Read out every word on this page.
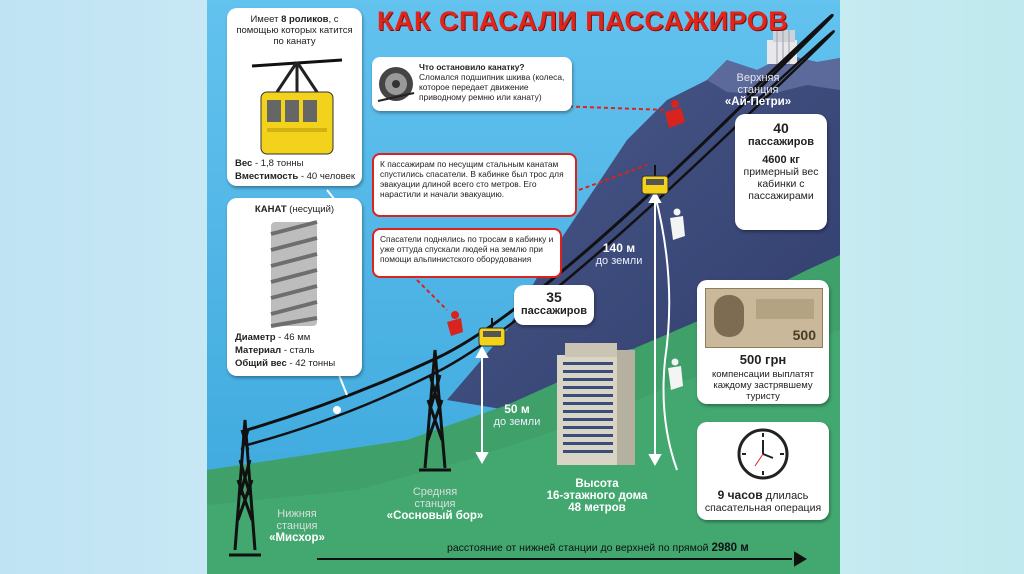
КАК СПАСАЛИ ПАССАЖИРОВ
Имеет 8 роликов, с помощью которых катится по канату
Вес - 1,8 тонны
Вместимость - 40 человек
КАНАТ (несущий)
Диаметр - 46 мм
Материал - сталь
Общий вес - 42 тонны
Что остановило канатку?
Сломался подшипник шкива (колеса, которое передает движение приводному ремню или канату)
К пассажирам по несущим стальным канатам спустились спасатели. В кабинке был трос для эвакуации длиной всего сто метров. Его нарастили и начали эвакуацию.
Спасатели поднялись по тросам в кабинку и уже оттуда спускали людей на землю при помощи альпинистского оборудования
40
пассажиров
4600 кг
примерный вес кабинки с пассажирами
35
пассажиров
500
500 грн
компенсации выплатят каждому застрявшему туристу
9 часов длилась
спасательная операция
Верхняя
станция
«Ай-Петри»
Средняя
станция
«Сосновый бор»
Нижняя
станция
«Мисхор»
140 м
до земли
50 м
до земли
Высота
16-этажного дома
48 метров
расстояние от нижней станции до верхней по прямой 2980 м
